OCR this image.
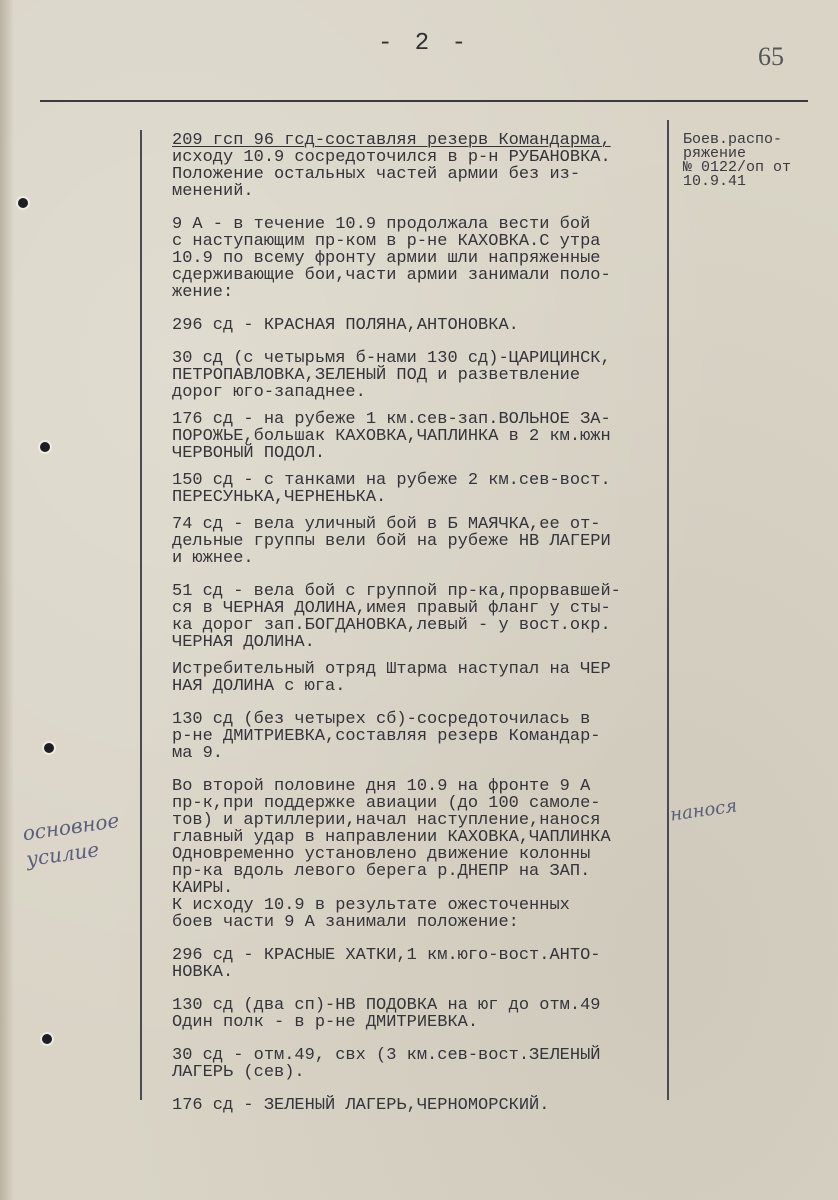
- 2 -	65
Боев.распо-
ряжение
№ 0122/оп от
10.9.41
209 гсп 96 гсд-составляя резерв Командарма,
исходу 10.9 сосредоточился в р-н РУБАНОВКА.
Положение остальных частей армии без из-
менений.
9 А - в течение 10.9 продолжала вести бой
с наступающим пр-ком в р-не КАХОВКА.С утра
10.9 по всему фронту армии шли напряженные
сдерживающие бои,части армии занимали поло-
жение:
296 сд - КРАСНАЯ ПОЛЯНА,АНТОНОВКА.
30 сд (с четырьмя б-нами 130 сд)-ЦАРИЦИНСК,
ПЕТРОПАВЛОВКА,ЗЕЛЕНЫЙ ПОД и разветвление
дорог юго-западнее.
176 сд - на рубеже 1 км.сев-зап.ВОЛЬНОЕ ЗА-
ПОРОЖЬЕ,большак КАХОВКА,ЧАПЛИНКА в 2 км.южн
ЧЕРВОНЫЙ ПОДОЛ.
150 сд - с танками на рубеже 2 км.сев-вост.
ПЕРЕСУНЬКА,ЧЕРНЕНЬКА.
74 сд - вела уличный бой в Б МАЯЧКА,ее от-
дельные группы вели бой на рубеже НВ ЛАГЕРИ
и южнее.
51 сд - вела бой с группой пр-ка,прорвавшей-
ся в ЧЕРНАЯ ДОЛИНА,имея правый фланг у сты-
ка дорог зап.БОГДАНОВКА,левый - у вост.окр.
ЧЕРНАЯ ДОЛИНА.
Истребительный отряд Штарма наступал на ЧЕР
НАЯ ДОЛИНА с юга.
130 сд (без четырех сб)-сосредоточилась в
р-не ДМИТРИЕВКА,составляя резерв Командар-
ма 9.
Во второй половине дня 10.9 на фронте 9 А
пр-к,при поддержке авиации (до 100 самоле-
тов) и артиллерии,начал наступление,нанося
главный удар в направлении КАХОВКА,ЧАПЛИНКА
Одновременно установлено движение колонны
пр-ка вдоль левого берега р.ДНЕПР на ЗАП.
КАИРЫ.
К исходу 10.9 в результате ожесточенных
боев части 9 А занимали положение:
296 сд - КРАСНЫЕ ХАТКИ,1 км.юго-вост.АНТО-
НОВКА.
130 сд (два сп)-НВ ПОДОВКА на юг до отм.49
Один полк - в р-не ДМИТРИЕВКА.
30 сд - отм.49, свх (3 км.сев-вост.ЗЕЛЕНЫЙ
ЛАГЕРЬ (сев).
176 сд - ЗЕЛЕНЫЙ ЛАГЕРЬ,ЧЕРНОМОРСКИЙ.
основное усилие
нанося
